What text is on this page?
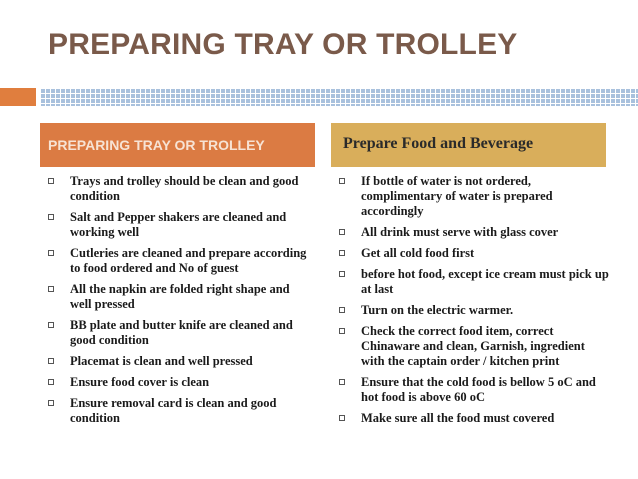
PREPARING TRAY OR TROLLEY
PREPARING TRAY OR TROLLEY	Prepare Food and Beverage
Trays and trolley should be clean and good condition
Salt and Pepper shakers are cleaned and working well
Cutleries are cleaned and prepare according to food ordered and No of guest
All the napkin are folded right shape and well pressed
BB plate and butter knife are cleaned and good condition
Placemat is clean and well pressed
Ensure food cover is clean
Ensure removal card is clean and good condition
If bottle of water is not ordered, complimentary of water is prepared accordingly
All drink must serve with glass cover
Get all cold food first
before hot food, except ice cream must pick up at last
Turn on the electric warmer.
Check the correct food item, correct Chinaware and clean, Garnish, ingredient with the captain order / kitchen print
Ensure that the cold food is bellow 5 oC and hot food is above 60 oC
Make sure all the food must covered
